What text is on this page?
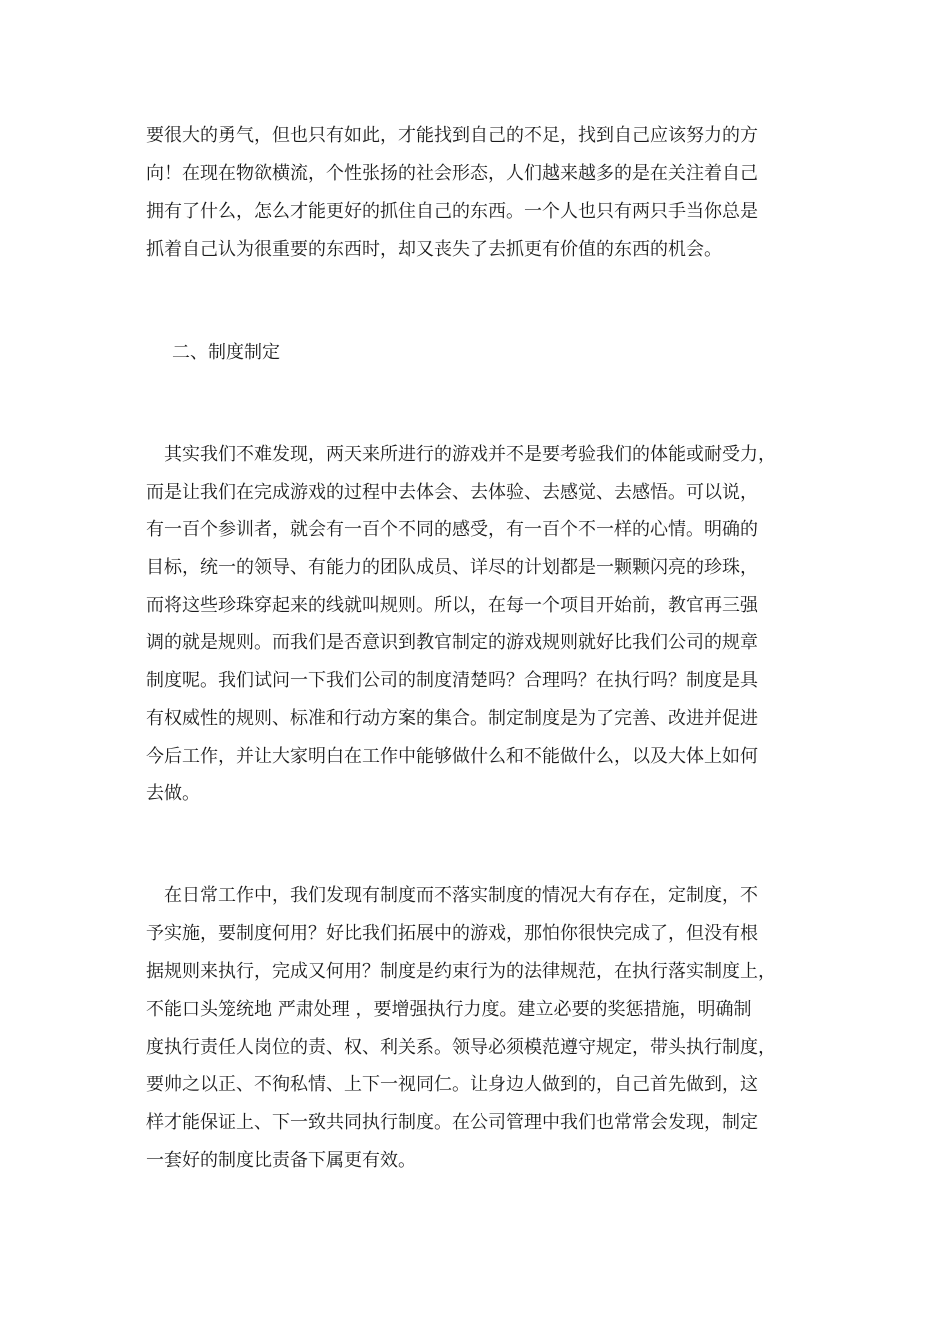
要很大的勇气，但也只有如此，才能找到自己的不足，找到自己应该努力的方
向！在现在物欲横流，个性张扬的社会形态，人们越来越多的是在关注着自己
拥有了什么，怎么才能更好的抓住自己的东西。一个人也只有两只手当你总是
抓着自己认为很重要的东西时，却又丧失了去抓更有价值的东西的机会。
二、制度制定
　其实我们不难发现，两天来所进行的游戏并不是要考验我们的体能或耐受力，
而是让我们在完成游戏的过程中去体会、去体验、去感觉、去感悟。可以说，
有一百个参训者，就会有一百个不同的感受，有一百个不一样的心情。明确的
目标，统一的领导、有能力的团队成员、详尽的计划都是一颗颗闪亮的珍珠，
而将这些珍珠穿起来的线就叫规则。所以，在每一个项目开始前，教官再三强
调的就是规则。而我们是否意识到教官制定的游戏规则就好比我们公司的规章
制度呢。我们试问一下我们公司的制度清楚吗？合理吗？在执行吗？制度是具
有权威性的规则、标准和行动方案的集合。制定制度是为了完善、改进并促进
今后工作，并让大家明白在工作中能够做什么和不能做什么，以及大体上如何
去做。
　在日常工作中，我们发现有制度而不落实制度的情况大有存在，定制度，不
予实施，要制度何用？好比我们拓展中的游戏，那怕你很快完成了，但没有根
据规则来执行，完成又何用？制度是约束行为的法律规范，在执行落实制度上，
不能口头笼统地 严肃处理 ，要增强执行力度。建立必要的奖惩措施，明确制
度执行责任人岗位的责、权、利关系。领导必须模范遵守规定，带头执行制度，
要帅之以正、不徇私情、上下一视同仁。让身边人做到的，自己首先做到，这
样才能保证上、下一致共同执行制度。在公司管理中我们也常常会发现，制定
一套好的制度比责备下属更有效。
